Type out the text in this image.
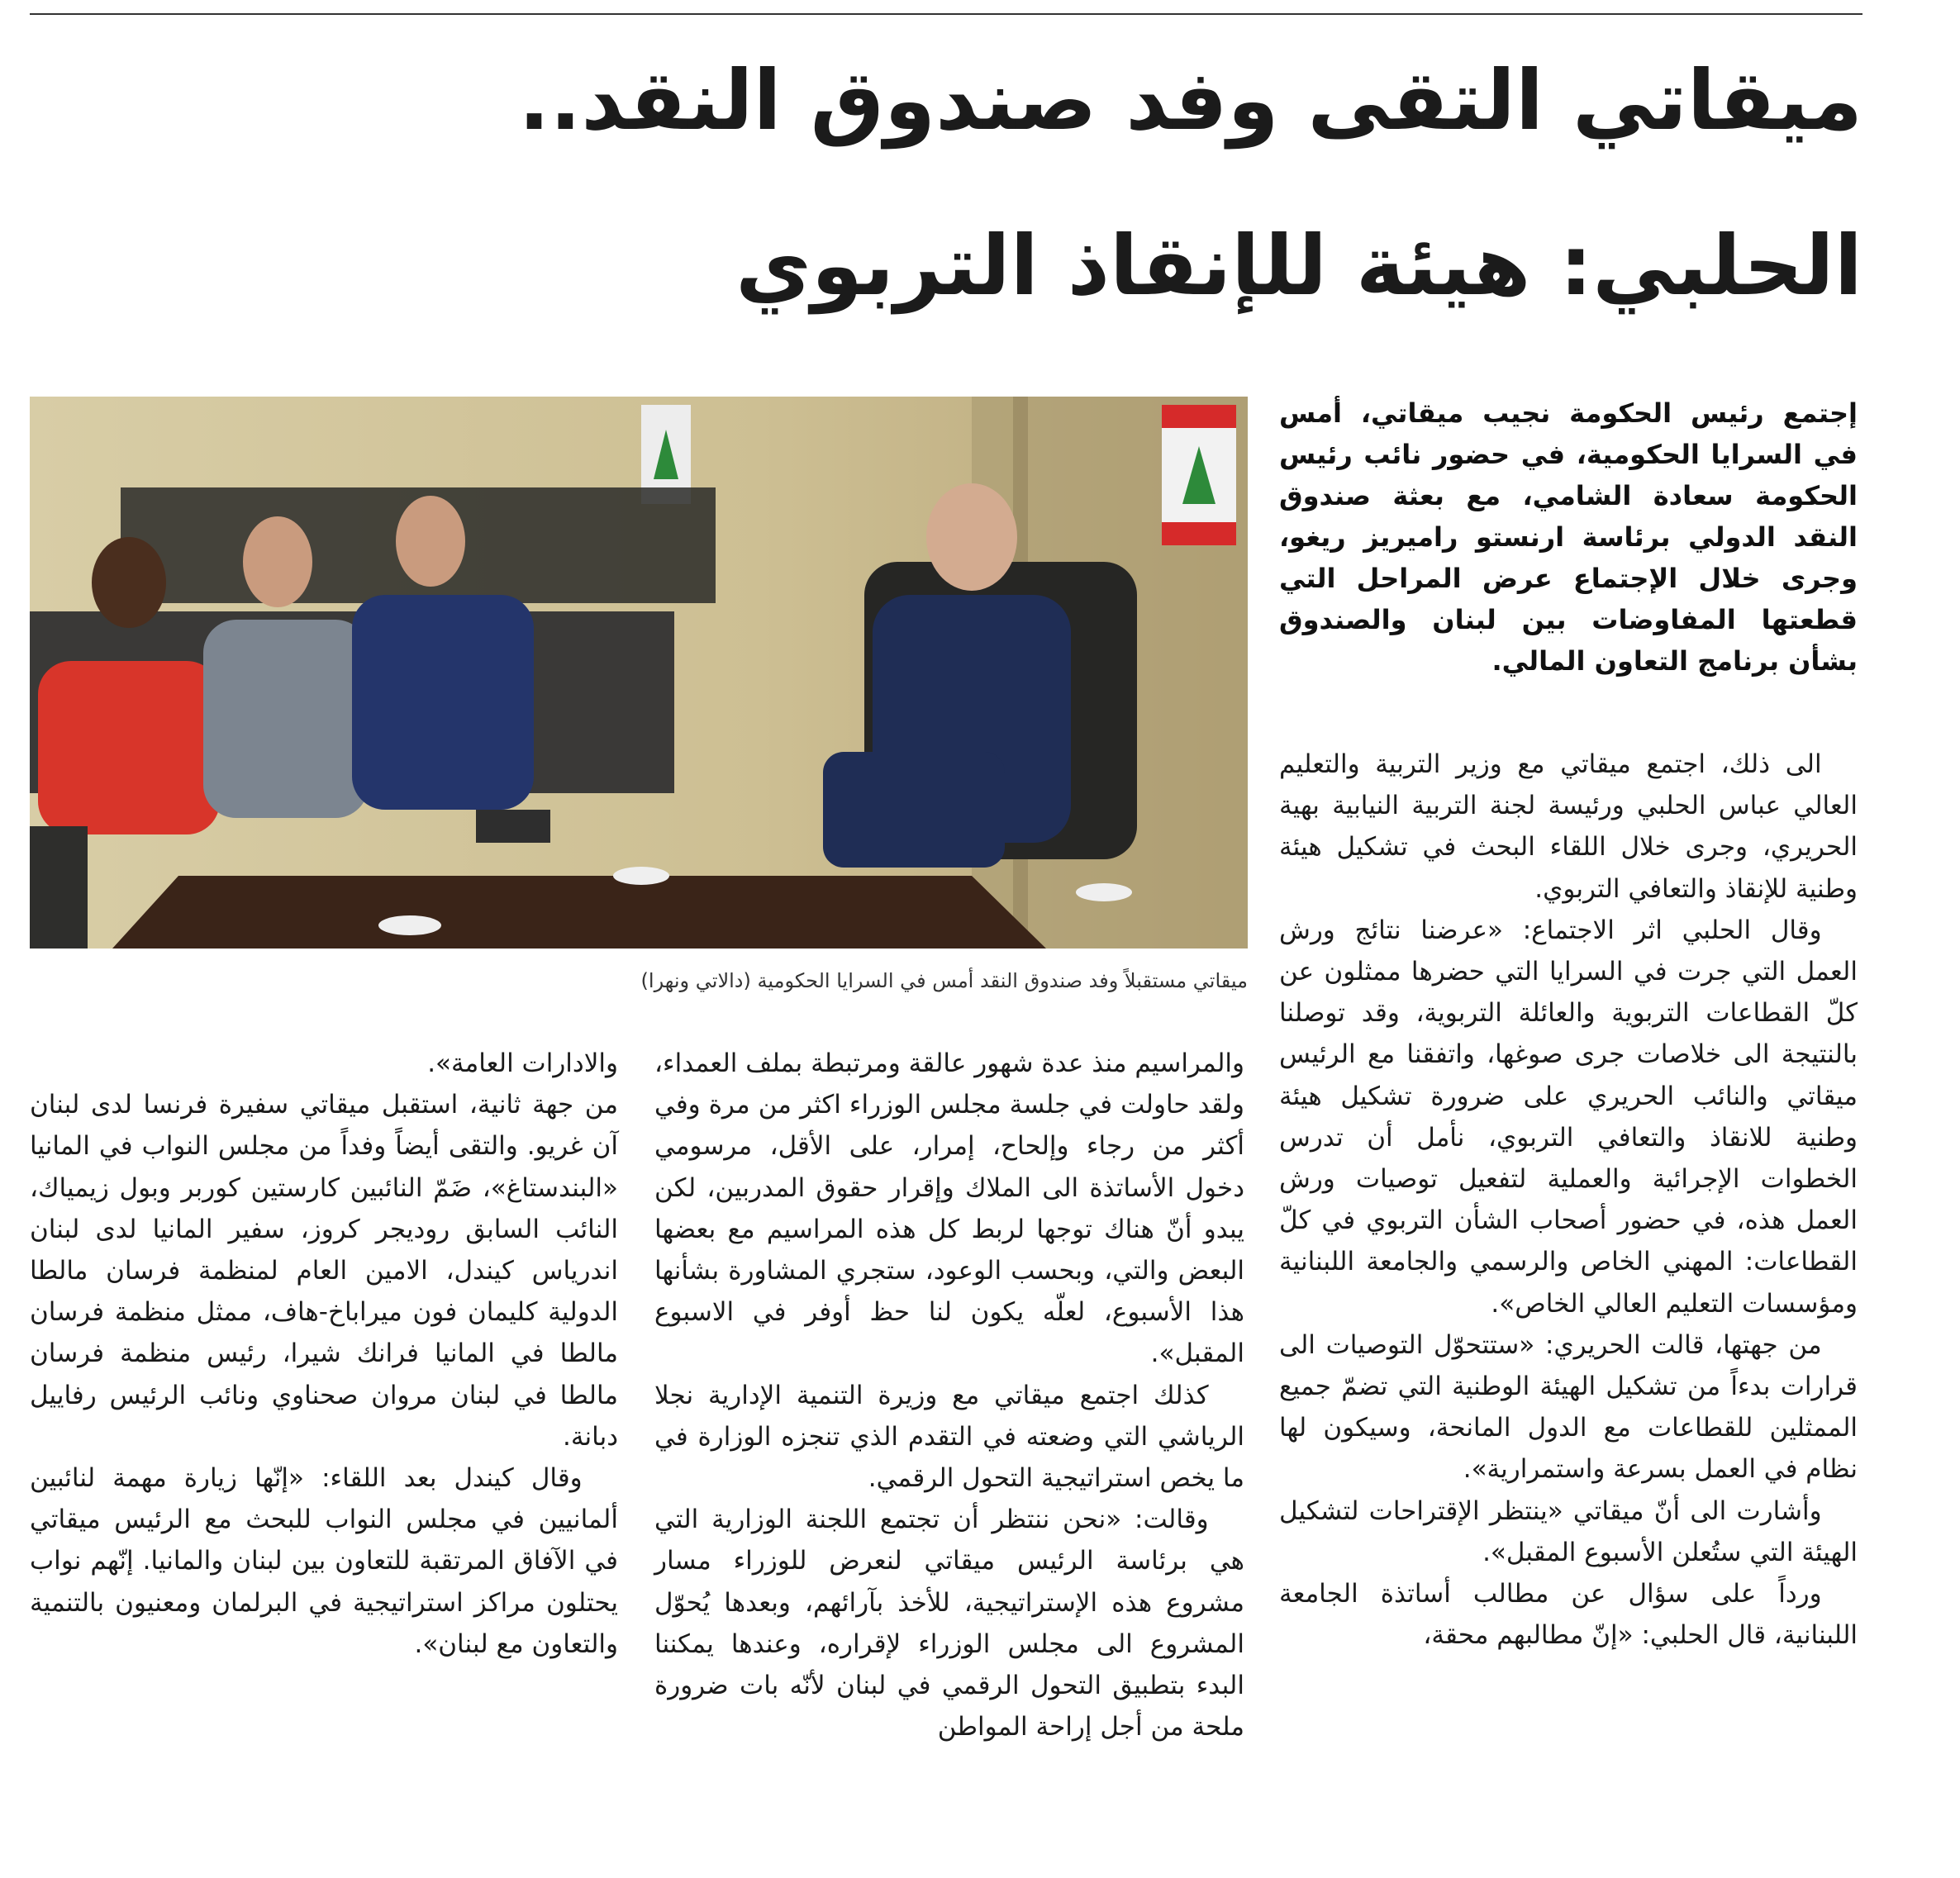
ميقاتي التقى وفد صندوق النقد..
الحلبي: هيئة للإنقاذ التربوي

إجتمع رئيس الحكومة نجيب ميقاتي، أمس في السرايا الحكومية، في حضور نائب رئيس الحكومة سعادة الشامي، مع بعثة صندوق النقد الدولي برئاسة ارنستو راميريز ريغو، وجرى خلال الإجتماع عرض المراحل التي قطعتها المفاوضات بين لبنان والصندوق بشأن برنامج التعاون المالي.

ميقاتي مستقبلاً وفد صندوق النقد أمس في السرايا الحكومية (دالاتي ونهرا)

الى ذلك، اجتمع ميقاتي مع وزير التربية والتعليم العالي عباس الحلبي ورئيسة لجنة التربية النيابية بهية الحريري، وجرى خلال اللقاء البحث في تشكيل هيئة وطنية للإنقاذ والتعافي التربوي.

وقال الحلبي اثر الاجتماع: «عرضنا نتائج ورش العمل التي جرت في السرايا التي حضرها ممثلون عن كلّ القطاعات التربوية والعائلة التربوية، وقد توصلنا بالنتيجة الى خلاصات جرى صوغها، واتفقنا مع الرئيس ميقاتي والنائب الحريري على ضرورة تشكيل هيئة وطنية للانقاذ والتعافي التربوي، نأمل أن تدرس الخطوات الإجرائية والعملية لتفعيل توصيات ورش العمل هذه، في حضور أصحاب الشأن التربوي في كلّ القطاعات: المهني الخاص والرسمي والجامعة اللبنانية ومؤسسات التعليم العالي الخاص».

من جهتها، قالت الحريري: «ستتحوّل التوصيات الى قرارات بدءاً من تشكيل الهيئة الوطنية التي تضمّ جميع الممثلين للقطاعات مع الدول المانحة، وسيكون لها نظام في العمل بسرعة واستمرارية».

وأشارت الى أنّ ميقاتي «ينتظر الإقتراحات لتشكيل الهيئة التي ستُعلن الأسبوع المقبل».

ورداً على سؤال عن مطالب أساتذة الجامعة اللبنانية، قال الحلبي: «إنّ مطالبهم محقة،

والمراسيم منذ عدة شهور عالقة ومرتبطة بملف العمداء، ولقد حاولت في جلسة مجلس الوزراء اكثر من مرة وفي أكثر من رجاء وإلحاح، إمرار، على الأقل، مرسومي دخول الأساتذة الى الملاك وإقرار حقوق المدربين، لكن يبدو أنّ هناك توجها لربط كل هذه المراسيم مع بعضها البعض والتي، وبحسب الوعود، ستجري المشاورة بشأنها هذا الأسبوع، لعلّه يكون لنا حظ أوفر في الاسبوع المقبل».

كذلك اجتمع ميقاتي مع وزيرة التنمية الإدارية نجلا الرياشي التي وضعته في التقدم الذي تنجزه الوزارة في ما يخص استراتيجية التحول الرقمي.

وقالت: «نحن ننتظر أن تجتمع اللجنة الوزارية التي هي برئاسة الرئيس ميقاتي لنعرض للوزراء مسار مشروع هذه الإستراتيجية، للأخذ بآرائهم، وبعدها يُحوّل المشروع الى مجلس الوزراء لإقراره، وعندها يمكننا البدء بتطبيق التحول الرقمي في لبنان لأنّه بات ضرورة ملحة من أجل إراحة المواطن

والادارات العامة».

من جهة ثانية، استقبل ميقاتي سفيرة فرنسا لدى لبنان آن غريو. والتقى أيضاً وفداً من مجلس النواب في المانيا «البندستاغ»، ضَمّ النائبين كارستين كوربر وبول زيمياك، النائب السابق روديجر كروز، سفير المانيا لدى لبنان اندرياس كيندل، الامين العام لمنظمة فرسان مالطا الدولية كليمان فون ميراباخ-هاف، ممثل منظمة فرسان مالطا في المانيا فرانك شيرا، رئيس منظمة فرسان مالطا في لبنان مروان صحناوي ونائب الرئيس رفاييل دبانة.

وقال كيندل بعد اللقاء: «إنّها زيارة مهمة لنائبين ألمانيين في مجلس النواب للبحث مع الرئيس ميقاتي في الآفاق المرتقبة للتعاون بين لبنان والمانيا. إنّهم نواب يحتلون مراكز استراتيجية في البرلمان ومعنيون بالتنمية والتعاون مع لبنان».
